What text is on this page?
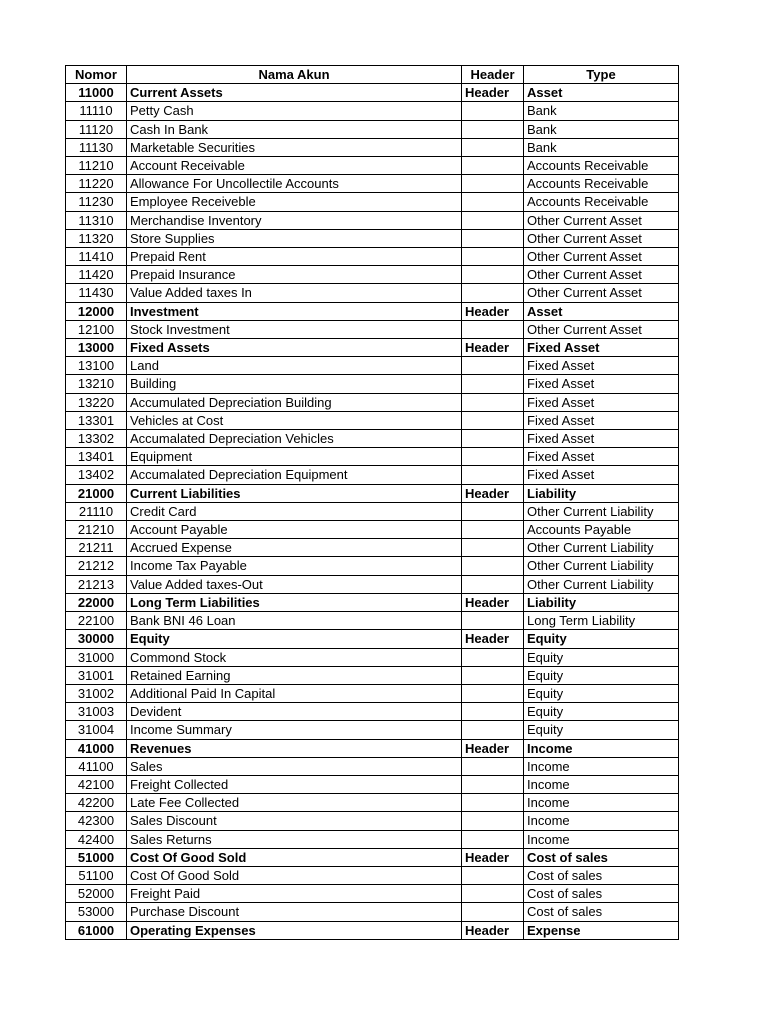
Nomor	Nama Akun	Header	Type
11000	Current Assets	Header	Asset
11110	Petty Cash		Bank
11120	Cash In Bank		Bank
11130	Marketable Securities		Bank
11210	Account Receivable		Accounts Receivable
11220	Allowance For Uncollectile Accounts		Accounts Receivable
11230	Employee Receiveble		Accounts Receivable
11310	Merchandise Inventory		Other Current Asset
11320	Store Supplies		Other Current Asset
11410	Prepaid Rent		Other Current Asset
11420	Prepaid Insurance		Other Current Asset
11430	Value Added taxes In		Other Current Asset
12000	Investment	Header	Asset
12100	Stock Investment		Other Current Asset
13000	Fixed Assets	Header	Fixed Asset
13100	Land		Fixed Asset
13210	Building		Fixed Asset
13220	Accumulated Depreciation Building		Fixed Asset
13301	Vehicles at Cost		Fixed Asset
13302	Accumalated Depreciation Vehicles		Fixed Asset
13401	Equipment		Fixed Asset
13402	Accumalated Depreciation Equipment		Fixed Asset
21000	Current Liabilities	Header	Liability
21110	Credit Card		Other Current Liability
21210	Account Payable		Accounts Payable
21211	Accrued Expense		Other Current Liability
21212	Income Tax Payable		Other Current Liability
21213	Value Added taxes-Out		Other Current Liability
22000	Long Term Liabilities	Header	Liability
22100	Bank BNI 46 Loan		Long Term Liability
30000	Equity	Header	Equity
31000	Commond Stock		Equity
31001	Retained Earning		Equity
31002	Additional Paid In Capital		Equity
31003	Devident		Equity
31004	Income Summary		Equity
41000	Revenues	Header	Income
41100	Sales		Income
42100	Freight Collected		Income
42200	Late Fee Collected		Income
42300	Sales Discount		Income
42400	Sales Returns		Income
51000	Cost Of Good Sold	Header	Cost of sales
51100	Cost Of Good Sold		Cost of sales
52000	Freight Paid		Cost of sales
53000	Purchase Discount		Cost of sales
61000	Operating Expenses	Header	Expense
